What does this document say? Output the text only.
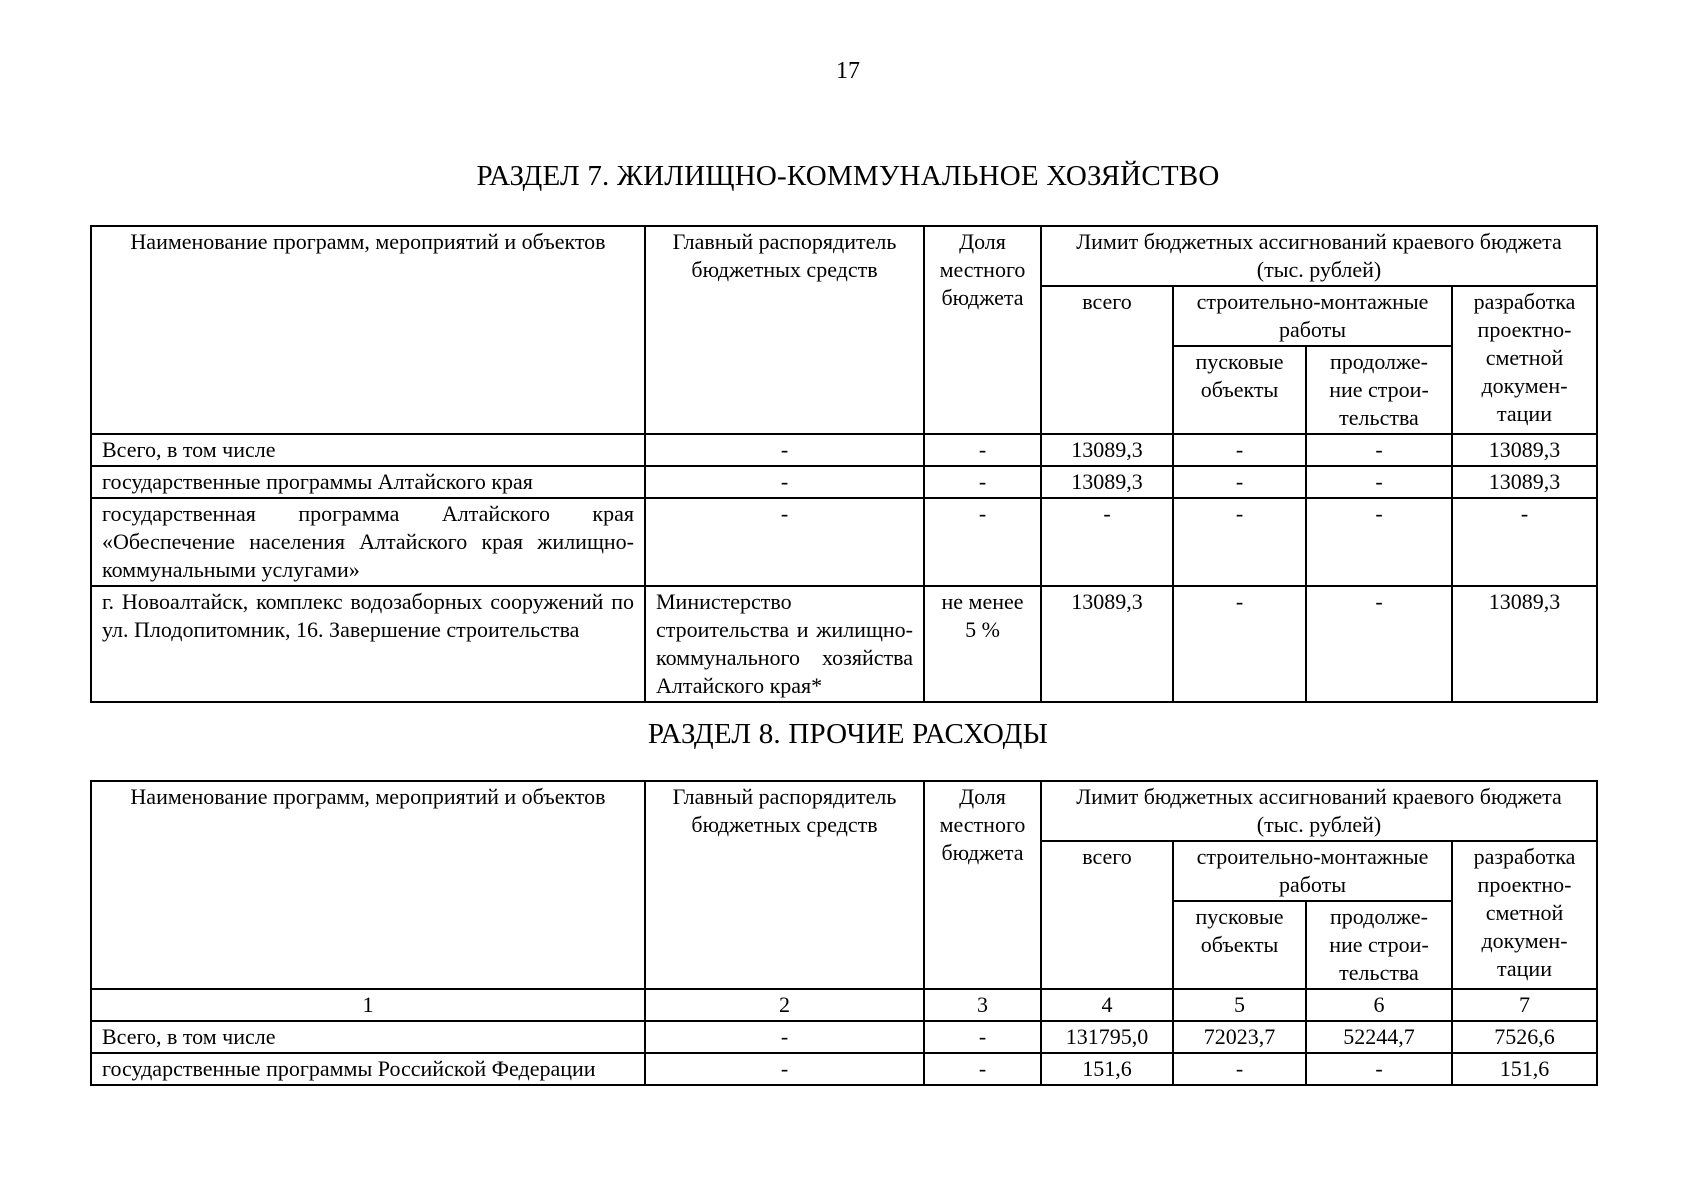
17
РАЗДЕЛ 7. ЖИЛИЩНО-КОММУНАЛЬНОЕ ХОЗЯЙСТВО
Наименование программ, мероприятий и объектов	Главный распорядитель бюджетных средств	Доля местного бюджета	Лимит бюджетных ассигнований краевого бюджета (тыс. рублей)			
			всего	строительно-монтажные работы		разработка проектно-сметной докумен-тации
				пусковые объекты	продолже-ние строи-тельства	

Всего, в том числе	-	-	13089,3	-	-	13089,3
государственные программы Алтайского края	-	-	13089,3	-	-	13089,3
государственная программа Алтайского края «Обеспечение населения Алтайского края жилищно-коммунальными услугами»	-	-	-	-	-	-
г. Новоалтайск, комплекс водозаборных сооружений по ул. Плодопитомник, 16. Завершение строительства	Министерство строительства и жилищно-коммунального хозяйства Алтайского края*	не менее 5 %	13089,3	-	-	13089,3
РАЗДЕЛ 8. ПРОЧИЕ РАСХОДЫ
Наименование программ, мероприятий и объектов	Главный распорядитель бюджетных средств	Доля местного бюджета	Лимит бюджетных ассигнований краевого бюджета (тыс. рублей)			
			всего	строительно-монтажные работы		разработка проектно-сметной докумен-тации
				пусковые объекты	продолже-ние строи-тельства	

1	2	3	4	5	6	7
Всего, в том числе	-	-	131795,0	72023,7	52244,7	7526,6
государственные программы Российской Федерации	-	-	151,6	-	-	151,6
